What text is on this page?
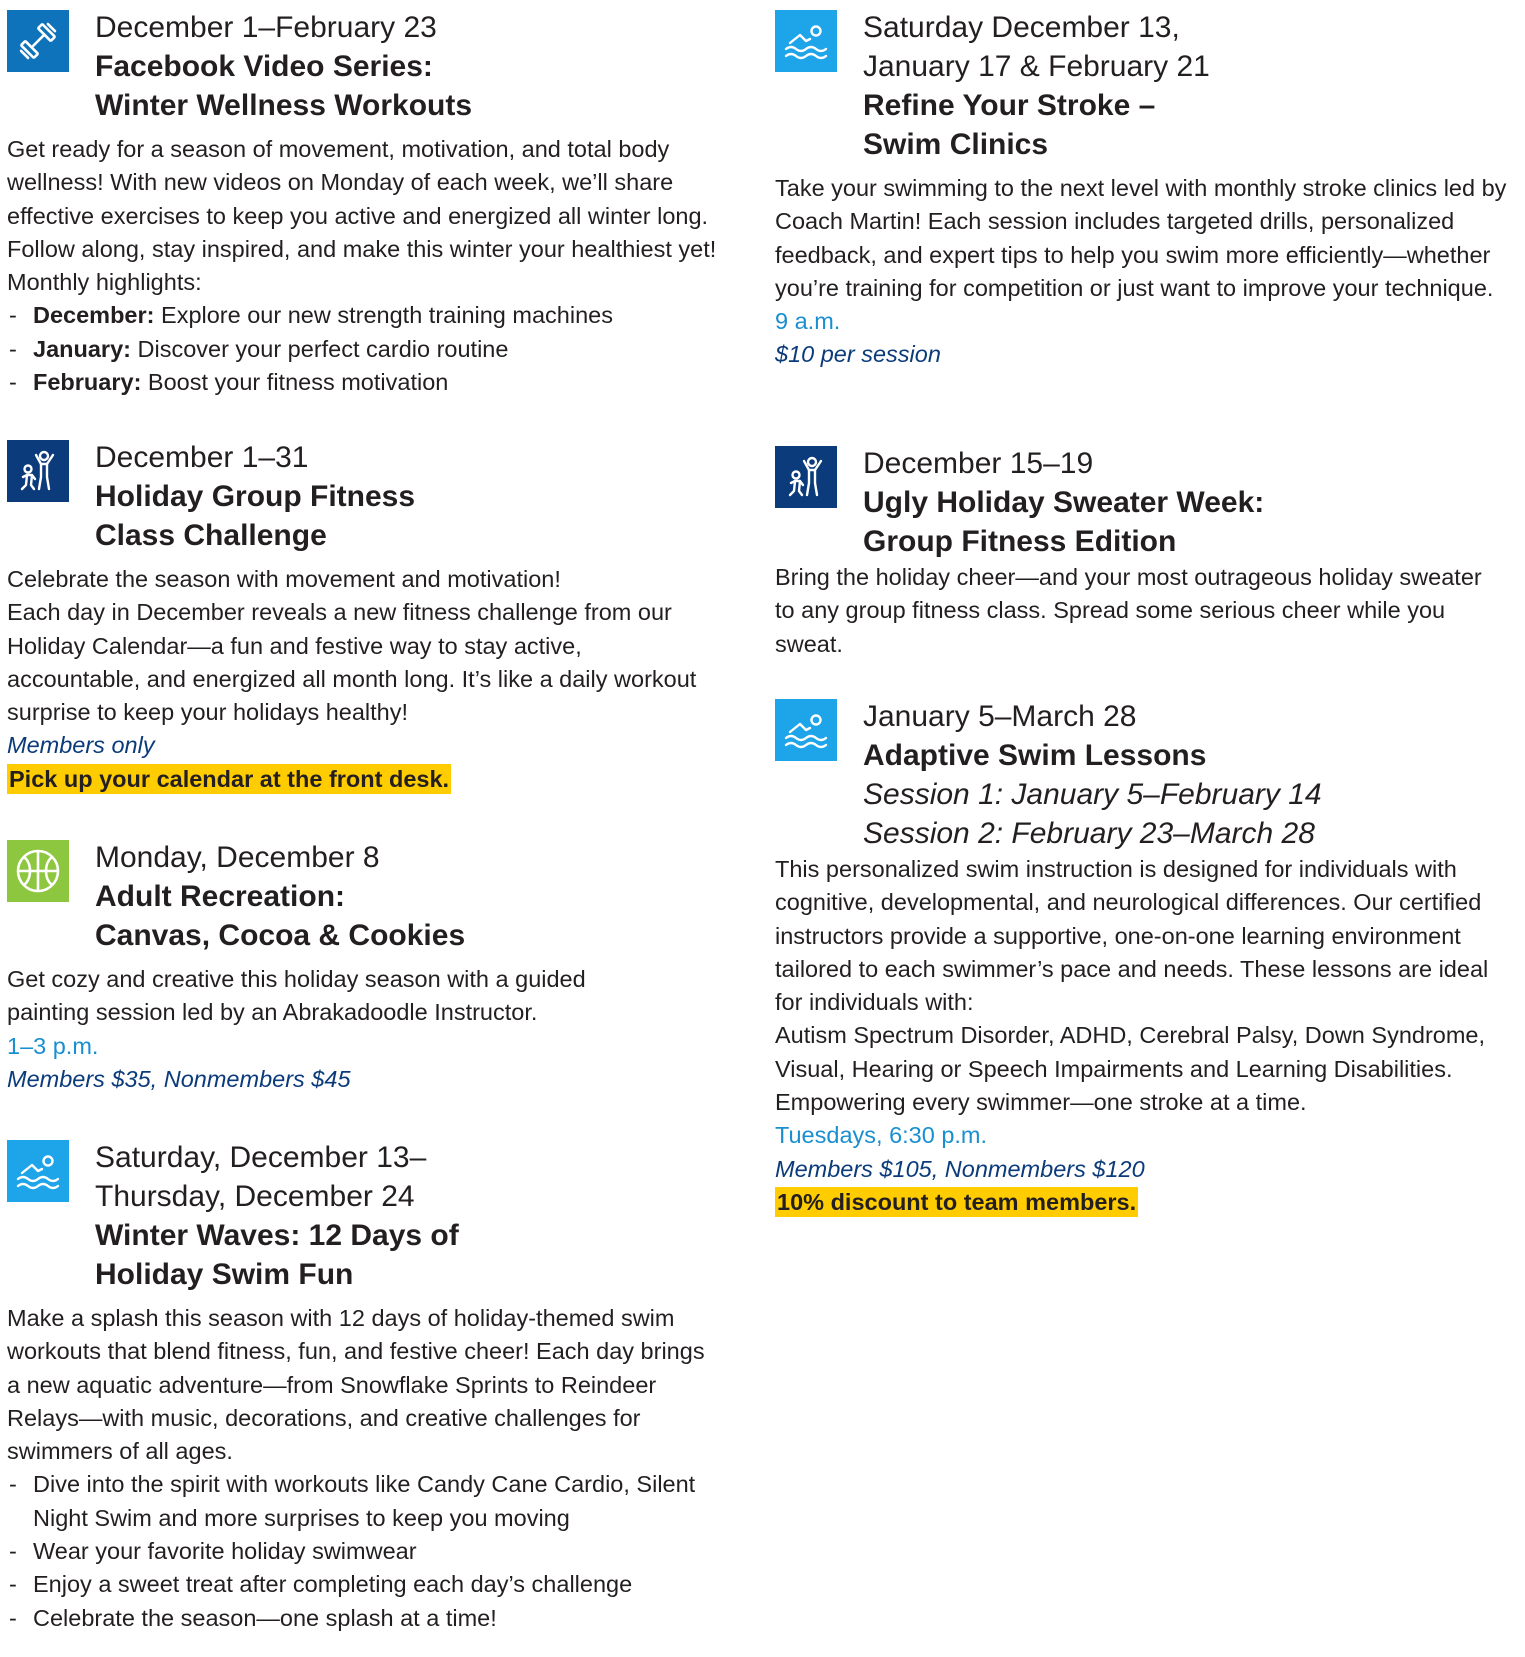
December 1–February 23
Facebook Video Series:
Winter Wellness Workouts

Get ready for a season of movement, motivation, and total body wellness! With new videos on Monday of each week, we’ll share effective exercises to keep you active and energized all winter long. Follow along, stay inspired, and make this winter your healthiest yet! Monthly highlights:

- December: Explore our new strength training machines
- January: Discover your perfect cardio routine
- February: Boost your fitness motivation
December 1–31
Holiday Group Fitness
Class Challenge

Celebrate the season with movement and motivation!

Each day in December reveals a new fitness challenge from our Holiday Calendar—a fun and festive way to stay active, accountable, and energized all month long. It’s like a daily workout surprise to keep your holidays healthy!

Members only
Pick up your calendar at the front desk.
Monday, December 8
Adult Recreation:
Canvas, Cocoa & Cookies

Get cozy and creative this holiday season with a guided painting session led by an Abrakadoodle Instructor.

1–3 p.m.
Members $35, Nonmembers $45
Saturday, December 13–
Thursday, December 24
Winter Waves: 12 Days of
Holiday Swim Fun

Make a splash this season with 12 days of holiday-themed swim workouts that blend fitness, fun, and festive cheer! Each day brings a new aquatic adventure—from Snowflake Sprints to Reindeer Relays—with music, decorations, and creative challenges for swimmers of all ages.

- Dive into the spirit with workouts like Candy Cane Cardio, Silent Night Swim and more surprises to keep you moving
- Wear your favorite holiday swimwear
- Enjoy a sweet treat after completing each day’s challenge
- Celebrate the season—one splash at a time!
Saturday December 13,
January 17 & February 21
Refine Your Stroke –
Swim Clinics

Take your swimming to the next level with monthly stroke clinics led by Coach Martin! Each session includes targeted drills, personalized feedback, and expert tips to help you swim more efficiently—whether you’re training for competition or just want to improve your technique.

9 a.m.
$10 per session
December 15–19
Ugly Holiday Sweater Week:
Group Fitness Edition

Bring the holiday cheer—and your most outrageous holiday sweater to any group fitness class. Spread some serious cheer while you sweat.

January 5–March 28
Adaptive Swim Lessons
Session 1: January 5–February 14
Session 2: February 23–March 28

This personalized swim instruction is designed for individuals with cognitive, developmental, and neurological differences. Our certified instructors provide a supportive, one-on-one learning environment tailored to each swimmer’s pace and needs. These lessons are ideal for individuals with:

Autism Spectrum Disorder, ADHD, Cerebral Palsy, Down Syndrome, Visual, Hearing or Speech Impairments and Learning Disabilities. Empowering every swimmer—one stroke at a time.

Tuesdays, 6:30 p.m.
Members $105, Nonmembers $120
10% discount to team members.
